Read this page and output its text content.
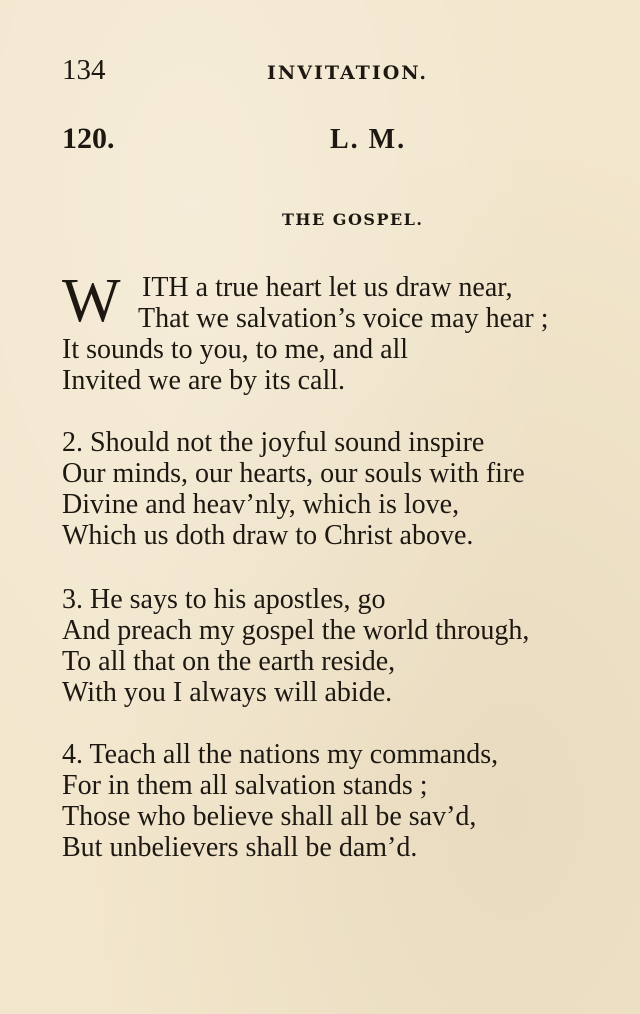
134	INVITATION.
120.	L. M.
THE GOSPEL.
W ITH a true heart let us draw near,
That we salvation’s voice may hear ;
It sounds to you, to me, and all
Invited we are by its call.
2. Should not the joyful sound inspire
Our minds, our hearts, our souls with fire
Divine and heav’nly, which is love,
Which us doth draw to Christ above.
3. He says to his apostles, go
And preach my gospel the world through,
To all that on the earth reside,
With you I always will abide.
4. Teach all the nations my commands,
For in them all salvation stands ;
Those who believe shall all be sav’d,
But unbelievers shall be dam’d.
